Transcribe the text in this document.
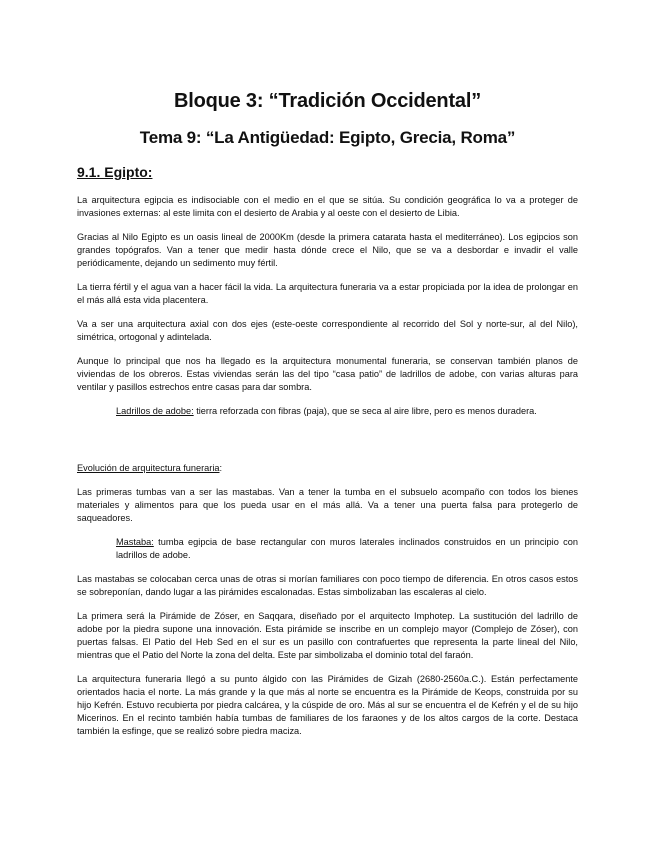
Bloque 3: “Tradición Occidental”
Tema 9: “La Antigüedad: Egipto, Grecia, Roma”
9.1. Egipto:

La arquitectura egipcia es indisociable con el medio en el que se sitúa. Su condición geográfica lo va a proteger de invasiones externas: al este limita con el desierto de Arabia y al oeste con el desierto de Libia.

Gracias al Nilo Egipto es un oasis lineal de 2000Km (desde la primera catarata hasta el mediterráneo). Los egipcios son grandes topógrafos. Van a tener que medir hasta dónde crece el Nilo, que se va a desbordar e invadir el valle periódicamente, dejando un sedimento muy fértil.

La tierra fértil y el agua van a hacer fácil la vida. La arquitectura funeraria va a estar propiciada por la idea de prolongar en el más allá esta vida placentera.

Va a ser una arquitectura axial con dos ejes (este-oeste correspondiente al recorrido del Sol y norte-sur, al del Nilo), simétrica, ortogonal y adintelada.

Aunque lo principal que nos ha llegado es la arquitectura monumental funeraria, se conservan también planos de viviendas de los obreros. Estas viviendas serán las del tipo “casa patio” de ladrillos de adobe, con varias alturas para ventilar y pasillos estrechos entre casas para dar sombra.

Ladrillos de adobe: tierra reforzada con fibras (paja), que se seca al aire libre, pero es menos duradera.

Evolución de arquitectura funeraria:

Las primeras tumbas van a ser las mastabas. Van a tener la tumba en el subsuelo acompaño con todos los bienes materiales y alimentos para que los pueda usar en el más allá. Va a tener una puerta falsa para protegerlo de saqueadores.

Mastaba: tumba egipcia de base rectangular con muros laterales inclinados construidos en un principio con ladrillos de adobe.

Las mastabas se colocaban cerca unas de otras si morían familiares con poco tiempo de diferencia. En otros casos estos se sobreponían, dando lugar a las pirámides escalonadas. Estas simbolizaban las escaleras al cielo.

La primera será la Pirámide de Zóser, en Saqqara, diseñado por el arquitecto Imphotep. La sustitución del ladrillo de adobe por la piedra supone una innovación. Esta pirámide se inscribe en un complejo mayor (Complejo de Zóser), con puertas falsas. El Patio del Heb Sed en el sur es un pasillo con contrafuertes que representa la parte lineal del Nilo, mientras que el Patio del Norte la zona del delta. Este par simbolizaba el dominio total del faraón.

La arquitectura funeraria llegó a su punto álgido con las Pirámides de Gizah (2680-2560a.C.). Están perfectamente orientados hacia el norte. La más grande y la que más al norte se encuentra es la Pirámide de Keops, construida por su hijo Kefrén. Estuvo recubierta por piedra calcárea, y la cúspide de oro. Más al sur se encuentra el de Kefrén y el de su hijo Micerinos. En el recinto también había tumbas de familiares de los faraones y de los altos cargos de la corte. Destaca también la esfinge, que se realizó sobre piedra maciza.
